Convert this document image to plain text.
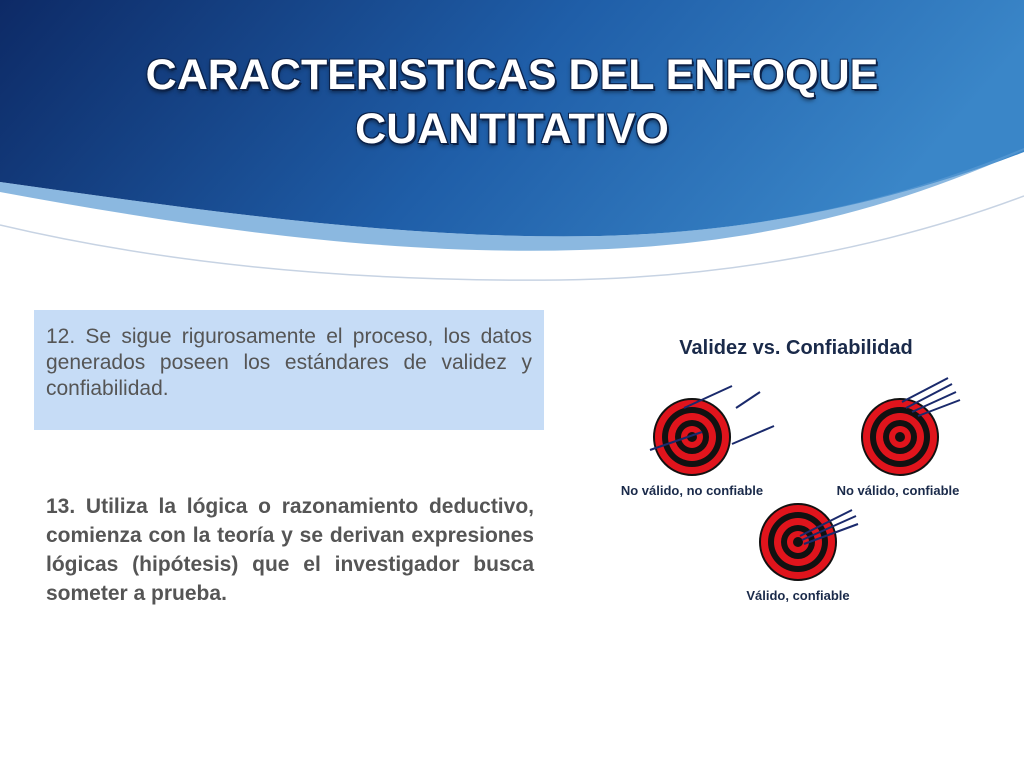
CARACTERISTICAS DEL ENFOQUE
CUANTITATIVO

12. Se sigue rigurosamente el proceso, los datos generados poseen los estándares de validez y confiabilidad.

13. Utiliza la lógica o razonamiento deductivo, comienza con la teoría y se derivan expresiones lógicas (hipótesis) que el investigador busca someter a prueba.

Validez vs. Confiabilidad
No válido, no confiable	No válido, confiable
Válido, confiable
